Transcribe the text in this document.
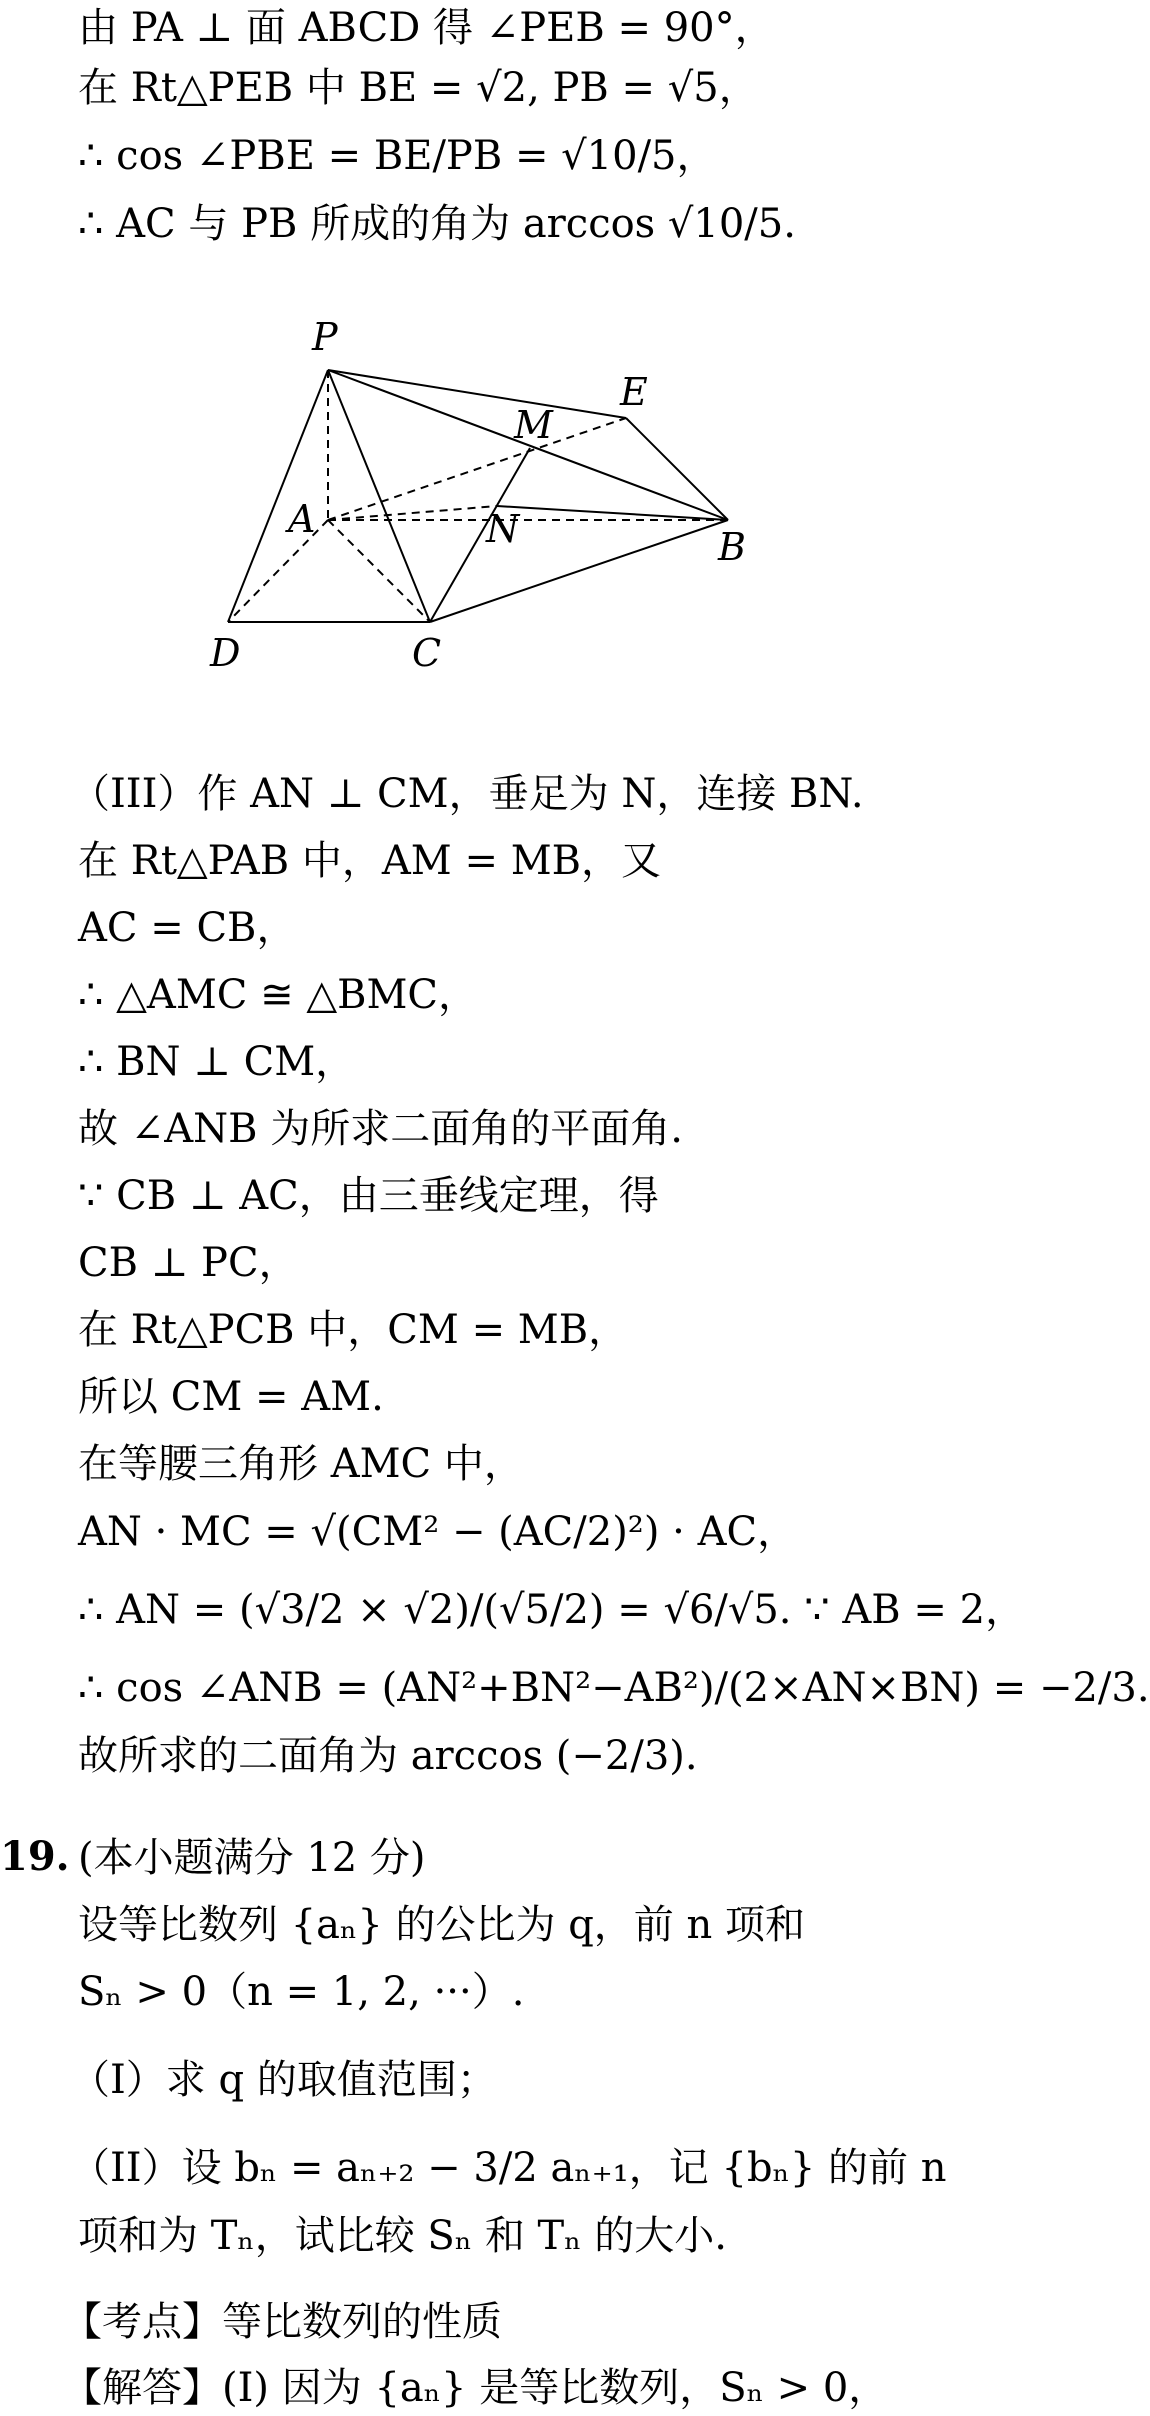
由 PA ⊥ 面 ABCD 得 ∠PEB = 90°，
在 Rt△PEB 中 BE = √2, PB = √5，
∴ cos ∠PBE = BE/PB = √10/5，
∴ AC 与 PB 所成的角为 arccos √10/5.
P
E
M
A	N	B
D	C
（III）作 AN ⊥ CM，垂足为 N，连接 BN.
在 Rt△PAB 中，AM = MB，又
AC = CB，
∴ △AMC ≅ △BMC，
∴ BN ⊥ CM，
故 ∠ANB 为所求二面角的平面角.
∵ CB ⊥ AC，由三垂线定理，得
CB ⊥ PC，
在 Rt△PCB 中，CM = MB，
所以 CM = AM.
在等腰三角形 AMC 中，
AN · MC = √(CM² − (AC/2)²) · AC，
∴ AN = (√3/2 × √2)/(√5/2) = √6/√5. ∵ AB = 2，
∴ cos ∠ANB = (AN²+BN²−AB²)/(2×AN×BN) = −2/3.
故所求的二面角为 arccos (−2/3).
19. (本小题满分 12 分)
设等比数列 {aₙ} 的公比为 q，前 n 项和
Sₙ > 0（n = 1, 2, ···）.
（I）求 q 的取值范围；
（II）设 bₙ = aₙ₊₂ − 3/2 aₙ₊₁，记 {bₙ} 的前 n
项和为 Tₙ，试比较 Sₙ 和 Tₙ 的大小.
【考点】等比数列的性质
【解答】(I) 因为 {aₙ} 是等比数列，Sₙ > 0，
